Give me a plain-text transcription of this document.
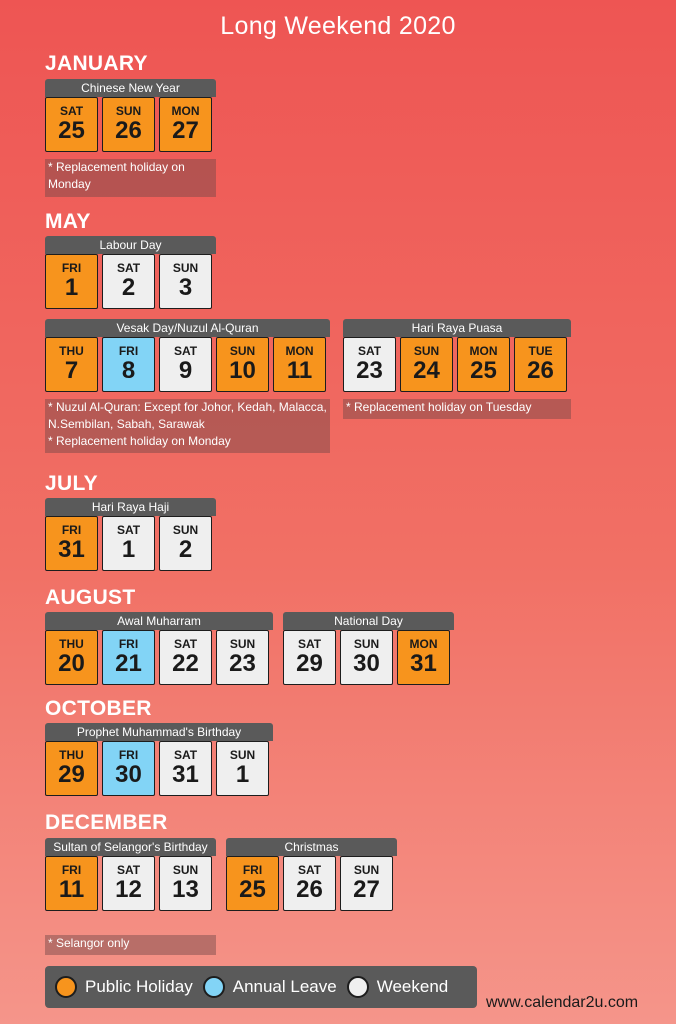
Long Weekend 2020
JANUARY
MAY
JULY
AUGUST
OCTOBER
DECEMBER
Chinese New Year
SAT
25
SUN
26
MON
27
Labour Day
FRI
1
SAT
2
SUN
3
Vesak Day/Nuzul Al-Quran
THU
7
FRI
8
SAT
9
SUN
10
MON
11
Hari Raya Puasa
SAT
23
SUN
24
MON
25
TUE
26
Hari Raya Haji
FRI
31
SAT
1
SUN
2
Awal Muharram
THU
20
FRI
21
SAT
22
SUN
23
National Day
SAT
29
SUN
30
MON
31
Prophet Muhammad's Birthday
THU
29
FRI
30
SAT
31
SUN
1
Sultan of Selangor's Birthday
FRI
11
SAT
12
SUN
13
Christmas
FRI
25
SAT
26
SUN
27
* Replacement holiday on Monday
* Nuzul Al-Quran: Except for Johor, Kedah, Malacca, N.Sembilan, Sabah, Sarawak
* Replacement holiday on Monday
* Replacement holiday on Tuesday
* Selangor only
Public Holiday Annual Leave Weekend
www.calendar2u.com
